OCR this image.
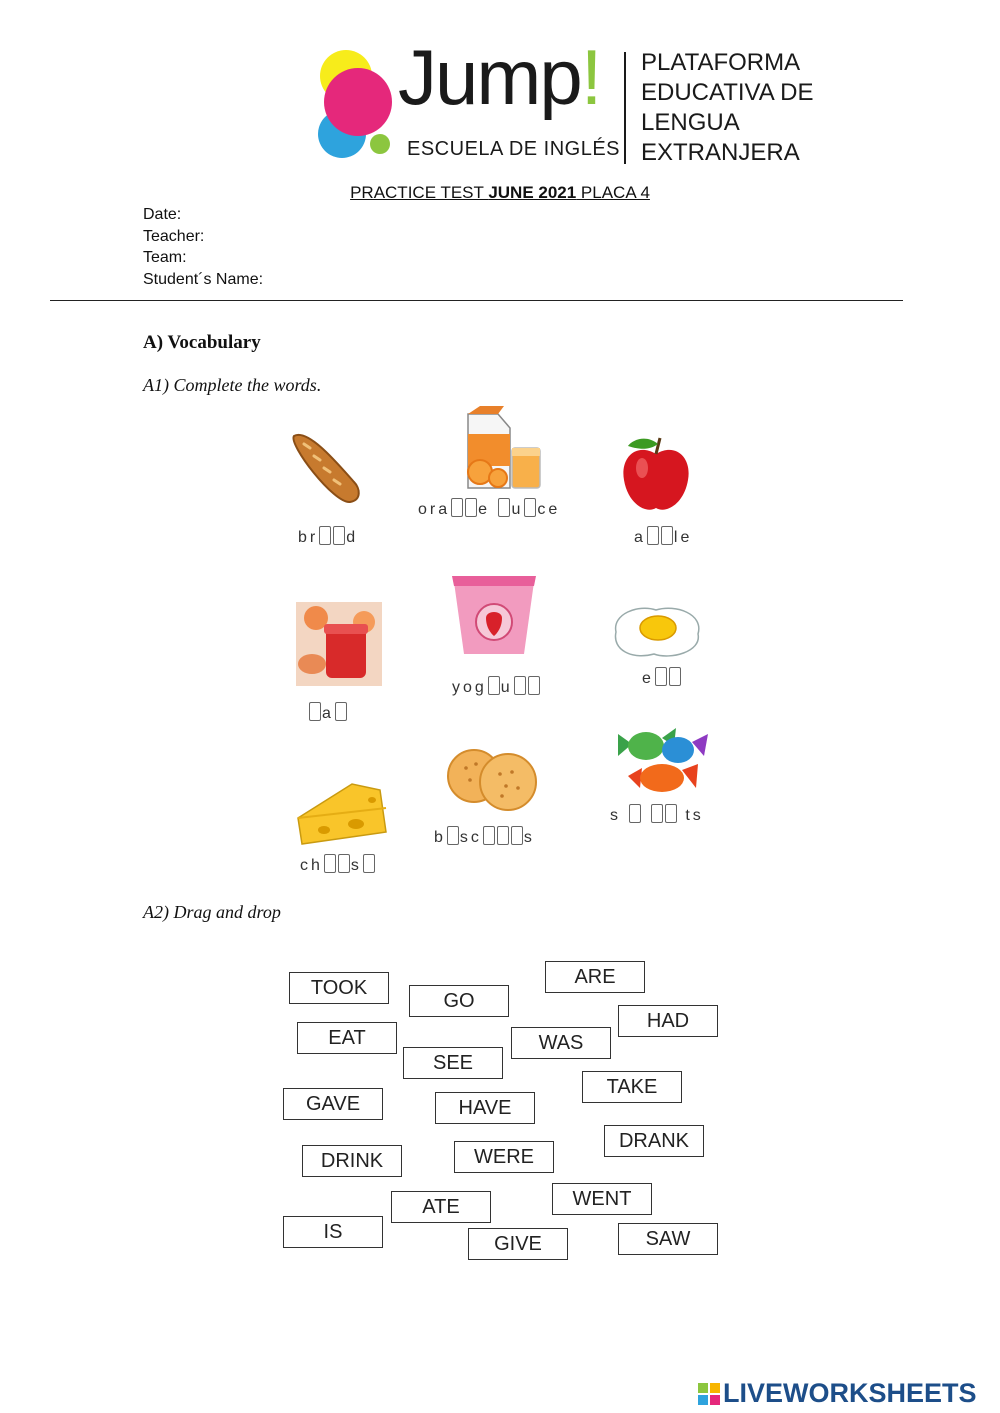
Jump!
ESCUELA DE INGLÉS
PLATAFORMA
EDUCATIVA DE
LENGUA
EXTRANJERA
PRACTICE TEST JUNE 2021 PLACA 4
Date:
Teacher:
Team:
Student´s Name:
A) Vocabulary
A1) Complete the words.
br d
ora e u ce
a le
a
yog u
e
ch s
b sc	s
s	ts
A2) Drag and drop
TOOK
GO
ARE
EAT
HAD
WAS
SEE
TAKE
GAVE	HAVE
DRANK
DRINK	WERE
ATE	WENT
IS
GIVE	SAW
LIVEWORKSHEETS
